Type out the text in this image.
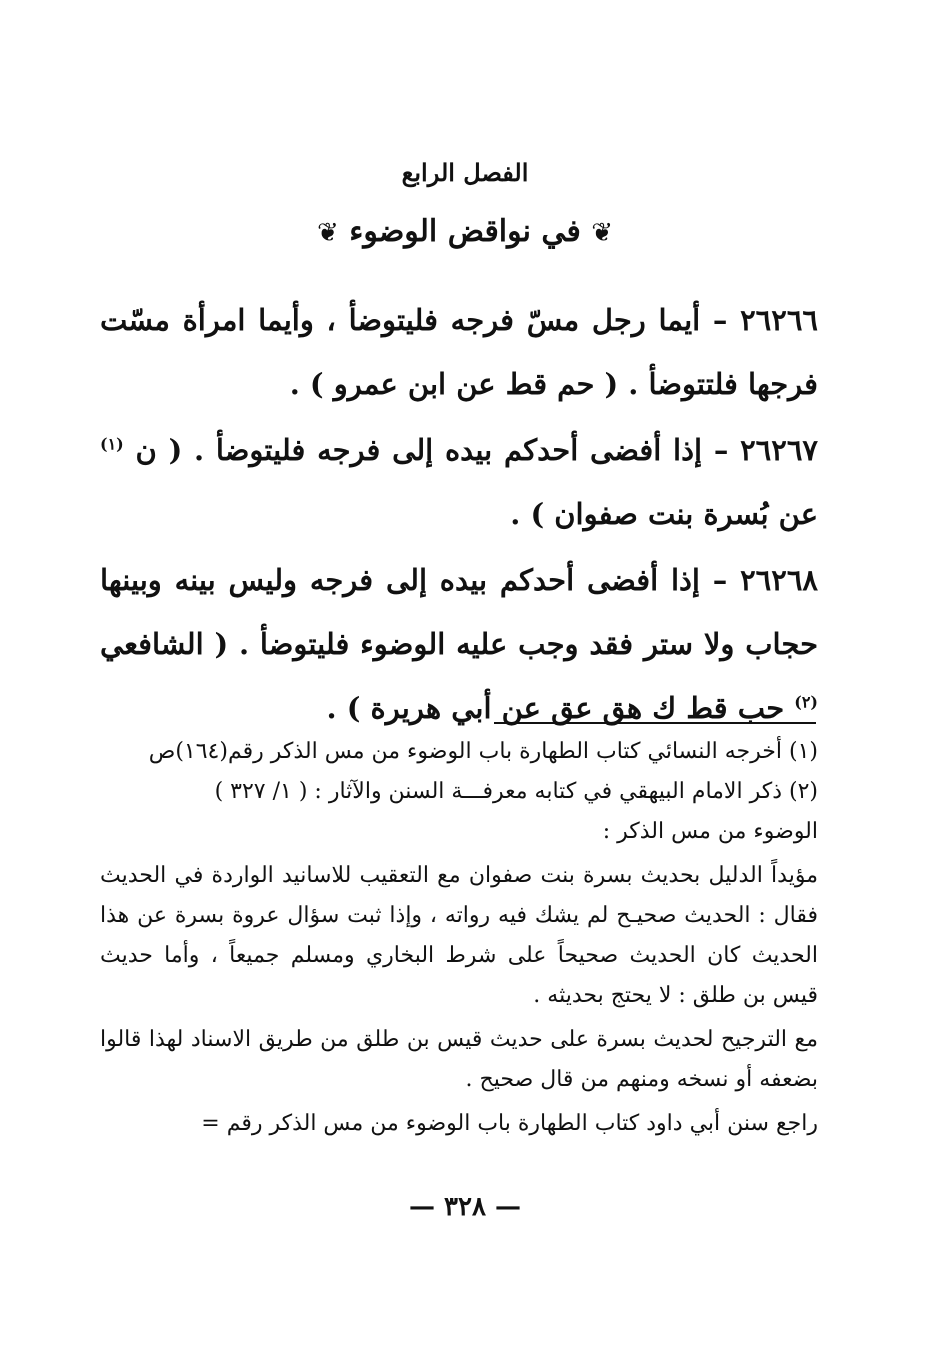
الفصل الرابع
❦ في نواقض الوضوء ❦

٢٦٢٦٦ – أيما رجل مسّ فرجه فليتوضأ ، وأيما امرأة مسّت فرجها فلتتوضأ . ( حم قط عن ابن عمرو ) .

٢٦٢٦٧ – إذا أفضى أحدكم بيده إلى فرجه فليتوضأ . ( ن $^{(١)}$ عن بُسرة بنت صفوان ) .

٢٦٢٦٨ – إذا أفضى أحدكم بيده إلى فرجه وليس بينه وبينها حجاب ولا ستر فقد وجب عليه الوضوء فليتوضأ . ( الشافعي $^{(٢)}$ حب قط ك هق عق عن أبي هريرة ) .

(١) أخرجه النسائي كتاب الطهارة باب الوضوء من مس الذكر رقم(١٦٤)ص

(٢) ذكر الامام البيهقي في كتابه معرفـــة السنن والآثار : ( ١/ ٣٢٧ )

الوضوء من مس الذكر :

مؤيداً الدليل بحديث بسرة بنت صفوان مع التعقيب للاسانيد الواردة في الحديث فقال : الحديث صحيـح لم يشك فيه رواته ، وإذا ثبت سؤال عروة بسرة عن هذا الحديث كان الحديث صحيحاً على شرط البخاري ومسلم جميعاً ، وأما حديث قيس بن طلق : لا يحتج بحديثه .

مع الترجيح لحديث بسرة على حديث قيس بن طلق من طريق الاسناد لهذا قالوا بضعفه أو نسخه ومنهم من قال صحيح .

راجع سنن أبي داود كتاب الطهارة باب الوضوء من مس الذكر رقم =

— ٣٢٨ —
